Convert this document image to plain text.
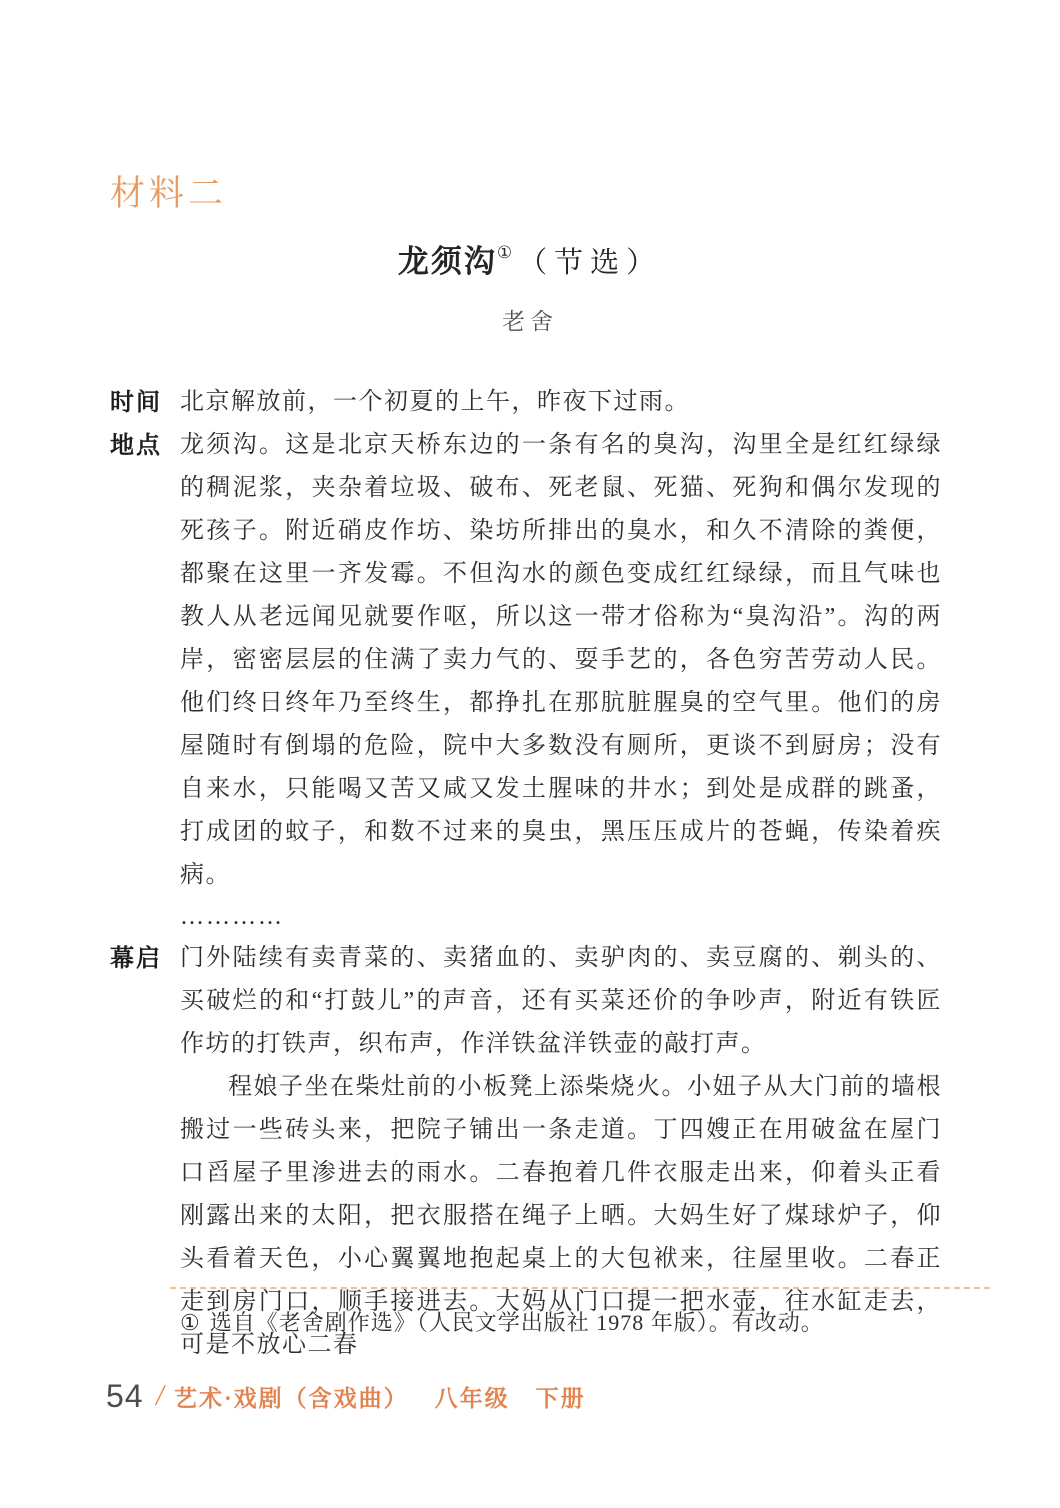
材料二
龙须沟① （节选）
老舍
时间 北京解放前，一个初夏的上午，昨夜下过雨。

地点 龙须沟。这是北京天桥东边的一条有名的臭沟，沟里全是红红绿绿的稠泥浆，夹杂着垃圾、破布、死老鼠、死猫、死狗和偶尔发现的死孩子。附近硝皮作坊、染坊所排出的臭水，和久不清除的粪便，都聚在这里一齐发霉。不但沟水的颜色变成红红绿绿，而且气味也教人从老远闻见就要作呕，所以这一带才俗称为“臭沟沿”。沟的两岸，密密层层的住满了卖力气的、耍手艺的，各色穷苦劳动人民。他们终日终年乃至终生，都挣扎在那肮脏腥臭的空气里。他们的房屋随时有倒塌的危险，院中大多数没有厕所，更谈不到厨房；没有自来水，只能喝又苦又咸又发土腥味的井水；到处是成群的跳蚤，打成团的蚊子，和数不过来的臭虫，黑压压成片的苍蝇，传染着疾病。

…………
幕启 门外陆续有卖青菜的、卖猪血的、卖驴肉的、卖豆腐的、剃头的、买破烂的和“打鼓儿”的声音，还有买菜还价的争吵声，附近有铁匠作坊的打铁声，织布声，作洋铁盆洋铁壶的敲打声。

程娘子坐在柴灶前的小板凳上添柴烧火。小妞子从大门前的墙根搬过一些砖头来，把院子铺出一条走道。丁四嫂正在用破盆在屋门口舀屋子里渗进去的雨水。二春抱着几件衣服走出来，仰着头正看刚露出来的太阳，把衣服搭在绳子上晒。大妈生好了煤球炉子，仰头看着天色，小心翼翼地抱起桌上的大包袱来，往屋里收。二春正走到房门口，顺手接进去。大妈从门口提一把水壶，往水缸走去，可是不放心二春

① 选自《老舍剧作选》（人民文学出版社 1978 年版）。有改动。
54 / 艺术·戏剧（含戏曲） 八年级 下册
